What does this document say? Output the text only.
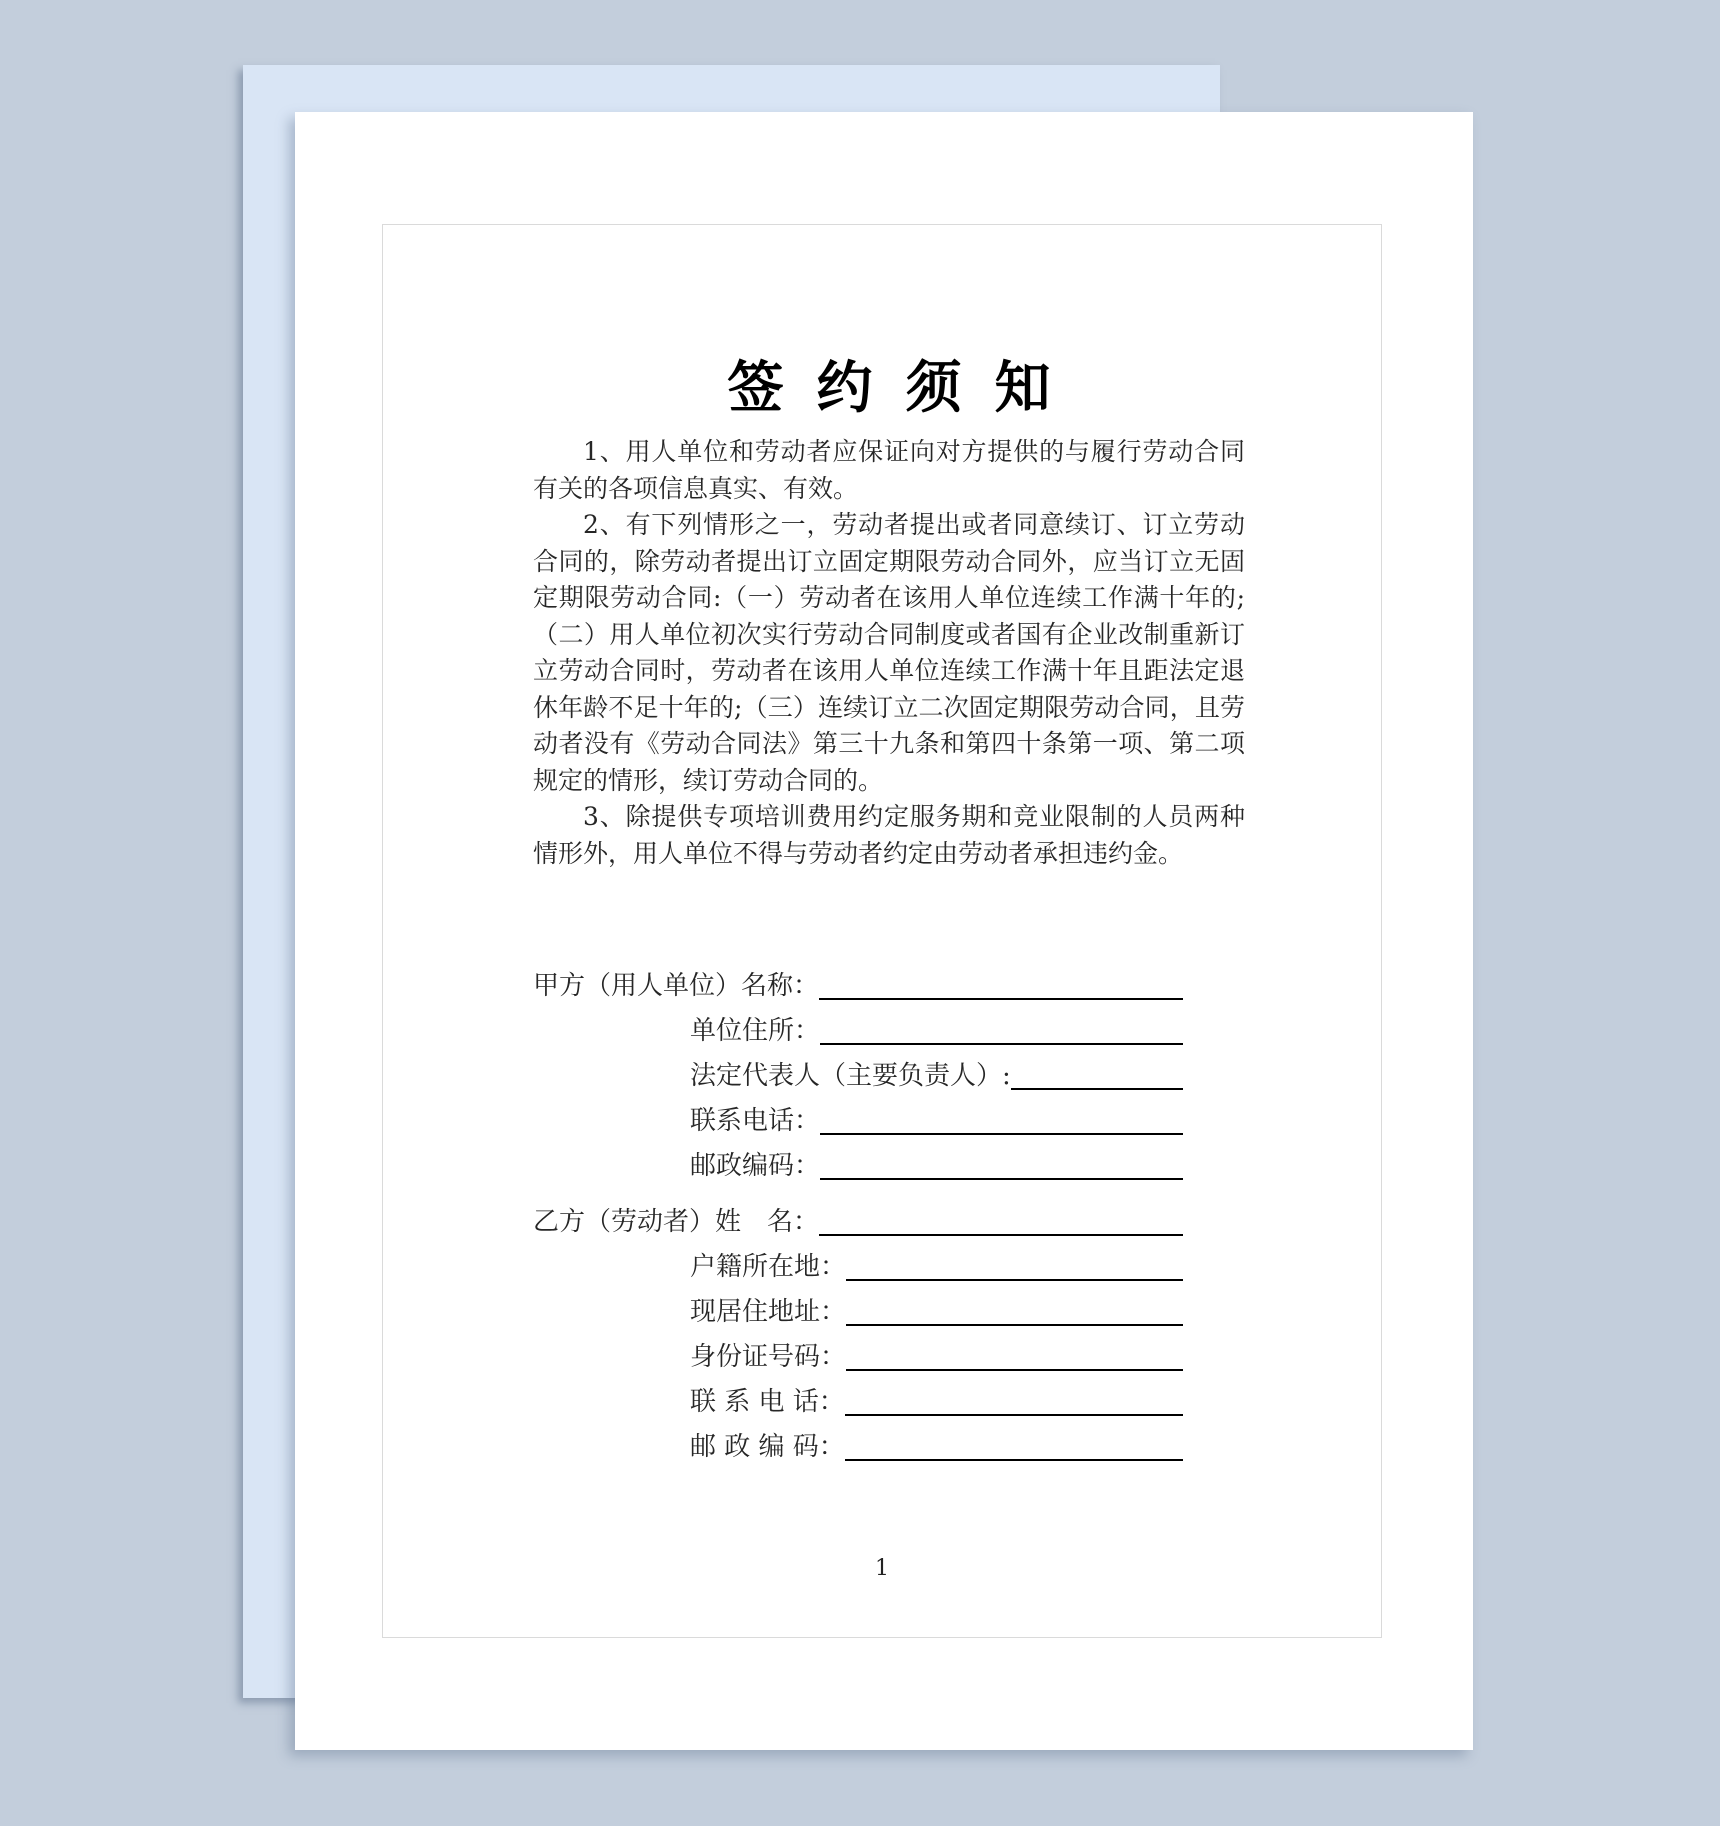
签约须知

1、用人单位和劳动者应保证向对方提供的与履行劳动合同有关的各项信息真实、有效。

2、有下列情形之一，劳动者提出或者同意续订、订立劳动合同的，除劳动者提出订立固定期限劳动合同外，应当订立无固定期限劳动合同:（一）劳动者在该用人单位连续工作满十年的;（二）用人单位初次实行劳动合同制度或者国有企业改制重新订立劳动合同时，劳动者在该用人单位连续工作满十年且距法定退休年龄不足十年的;（三）连续订立二次固定期限劳动合同，且劳动者没有《劳动合同法》第三十九条和第四十条第一项、第二项规定的情形，续订劳动合同的。

3、除提供专项培训费用约定服务期和竞业限制的人员两种情形外，用人单位不得与劳动者约定由劳动者承担违约金。

甲方（用人单位）名称：
单位住所：
法定代表人（主要负责人）:
联系电话：
邮政编码：
乙方（劳动者）姓　名：
户籍所在地：
现居住地址：
身份证号码：
联 系 电 话：
邮 政 编 码：
1
